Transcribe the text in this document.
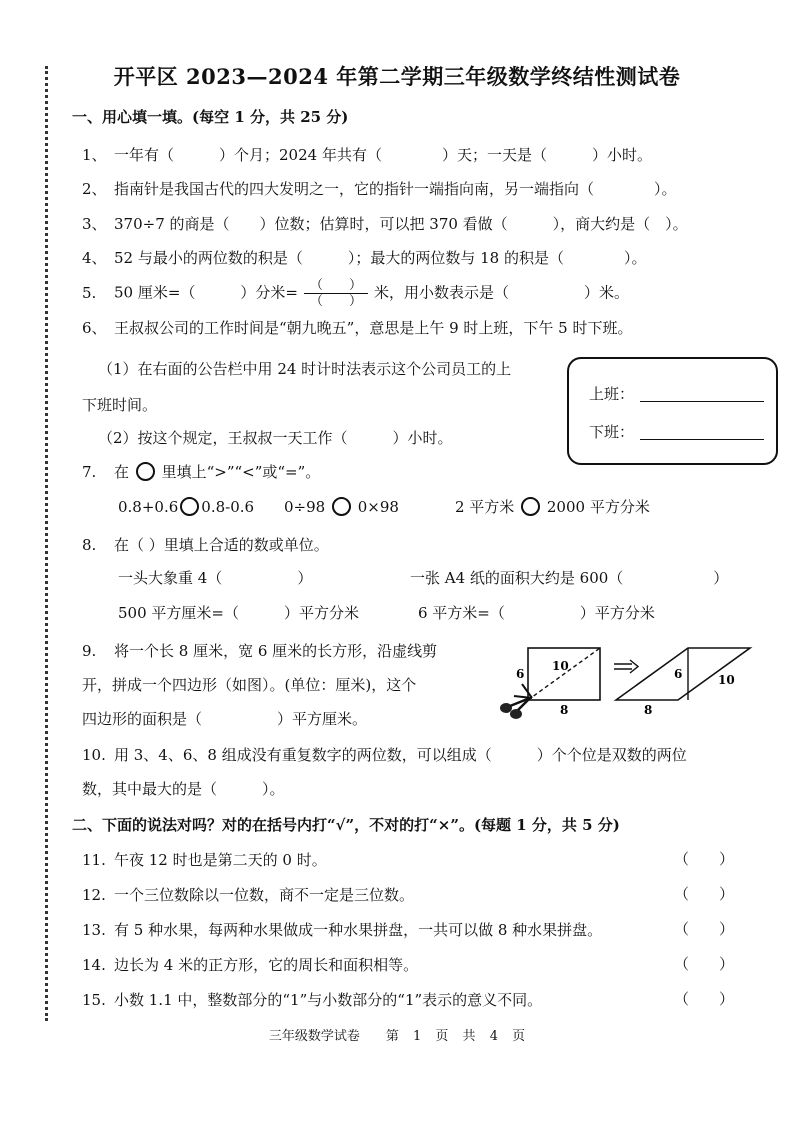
开平区 2023—2024 年第二学期三年级数学终结性测试卷
一、用心填一填。(每空 1 分，共 25 分)
1、 一年有（　　　）个月；2024 年共有（　　　　）天；一天是（　　　）小时。
2、 指南针是我国古代的四大发明之一，它的指针一端指向南，另一端指向（　　　　）。
3、 370÷7 的商是（　　）位数；估算时，可以把 370 看做（　　　），商大约是（　）。
4、 52 与最小的两位数的积是（　　　）；最大的两位数与 18 的积是（　　　　）。
5. 50 厘米=（　　　）分米= $\frac{( )}{( )}$ 米，用小数表示是（　　　　　）米。
6、 王叔叔公司的工作时间是“朝九晚五”，意思是上午 9 时上班，下午 5 时下班。
（1）在右面的公告栏中用 24 时计时法表示这个公司员工的上
下班时间。
（2）按这个规定，王叔叔一天工作（　　　）小时。
上班：
下班：
7. 在 里填上“>”“<”或“=”。
0.8+0.6 0.8-0.6 0÷98 0×98	2 平方米 2000 平方分米
8. 在（ ）里填上合适的数或单位。
一头大象重 4（　　　　　）	一张 A4 纸的面积大约是 600（　　　　　　）
500 平方厘米=（　　　）平方分米	6 平方米=（　　　　　）平方分米
9. 将一个长 8 厘米，宽 6 厘米的长方形，沿虚线剪
开，拼成一个四边形（如图）。(单位：厘米)，这个
四边形的面积是（　　　　　）平方厘米。
6
10
8
6	10
8
10. 用 3、4、6、8 组成没有重复数字的两位数，可以组成（　　　）个个位是双数的两位
数，其中最大的是（　　　）。
二、下面的说法对吗？对的在括号内打“√”，不对的打“×”。(每题 1 分，共 5 分)
11. 午夜 12 时也是第二天的 0 时。	（　　）
12. 一个三位数除以一位数，商不一定是三位数。	（　　）
13. 有 5 种水果，每两种水果做成一种水果拼盘，一共可以做 8 种水果拼盘。	（　　）
14. 边长为 4 米的正方形，它的周长和面积相等。	（　　）
15. 小数 1.1 中，整数部分的“1”与小数部分的“1”表示的意义不同。	（　　）
三年级数学试卷　　第 1 页 共 4 页
